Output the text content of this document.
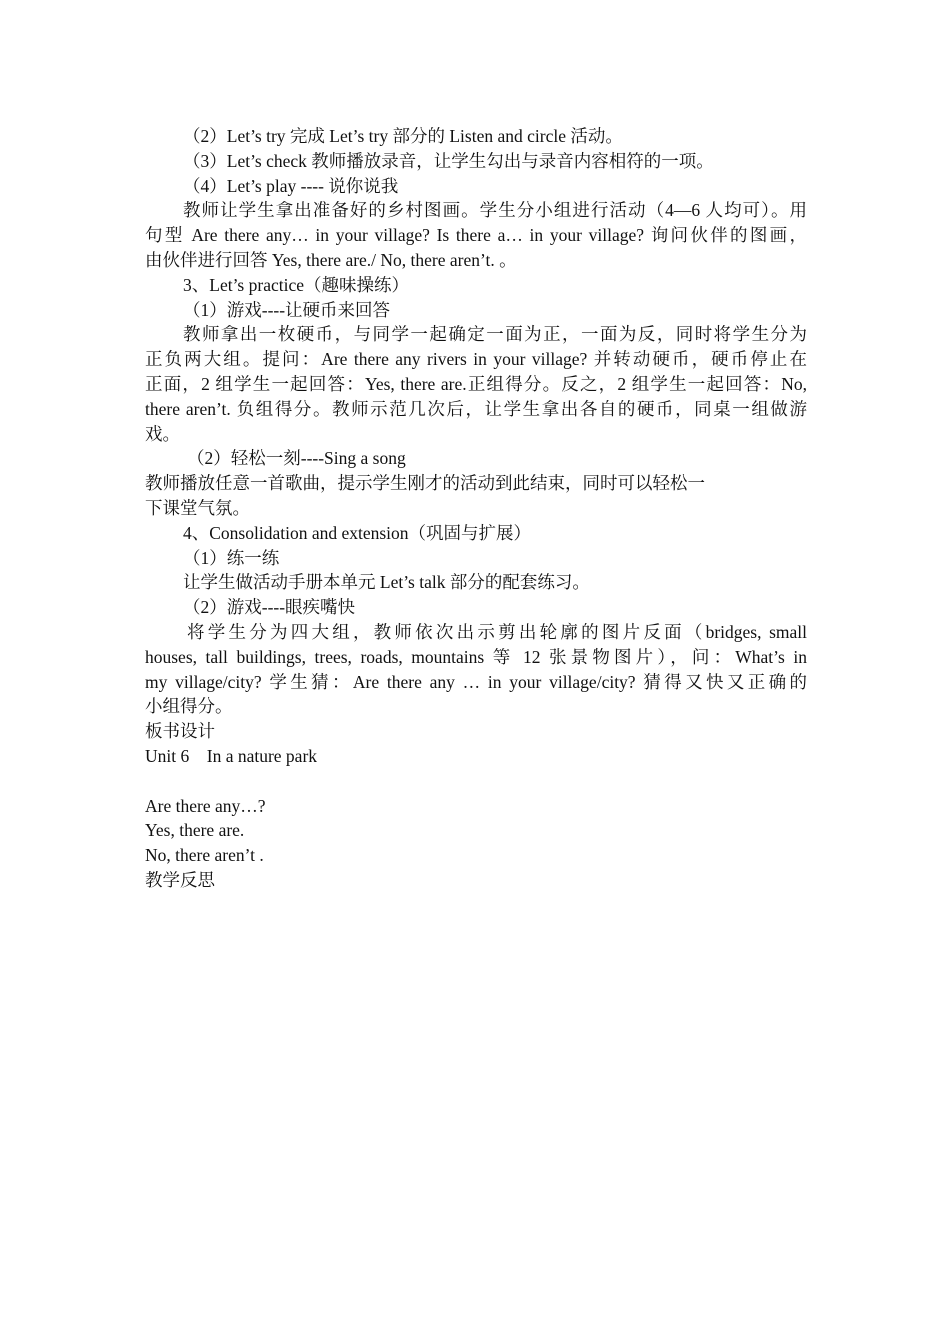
（2）Let’s try 完成 Let’s try 部分的 Listen and circle 活动。
（3）Let’s check 教师播放录音，让学生勾出与录音内容相符的一项。
（4）Let’s play ---- 说你说我
教师让学生拿出准备好的乡村图画。学生分小组进行活动（4—6 人均可）。用
句型 Are there any… in your village? Is there a… in your village? 询问伙伴的图画，
由伙伴进行回答 Yes, there are./ No, there aren’t. 。
3、Let’s practice（趣味操练）
（1）游戏----让硬币来回答
教师拿出一枚硬币，与同学一起确定一面为正，一面为反，同时将学生分为
正负两大组。提问：Are there any rivers in your village? 并转动硬币，硬币停止在
正面，2 组学生一起回答：Yes, there are.正组得分。反之，2 组学生一起回答：No,
there aren’t. 负组得分。教师示范几次后，让学生拿出各自的硬币，同桌一组做游
戏。
（2）轻松一刻----Sing a song
教师播放任意一首歌曲，提示学生刚才的活动到此结束，同时可以轻松一
下课堂气氛。
4、Consolidation and extension（巩固与扩展）
（1）练一练
让学生做活动手册本单元 Let’s talk 部分的配套练习。
（2）游戏----眼疾嘴快
将学生分为四大组，教师依次出示剪出轮廓的图片反面（bridges, small
houses, tall buildings, trees, roads, mountains 等 12 张景物图片），问：What’s in
my village/city? 学生猜：Are there any … in your village/city? 猜得又快又正确的
小组得分。
板书设计
Unit 6    In a nature park
Are there any…?
Yes, there are.
No, there aren’t .
教学反思
